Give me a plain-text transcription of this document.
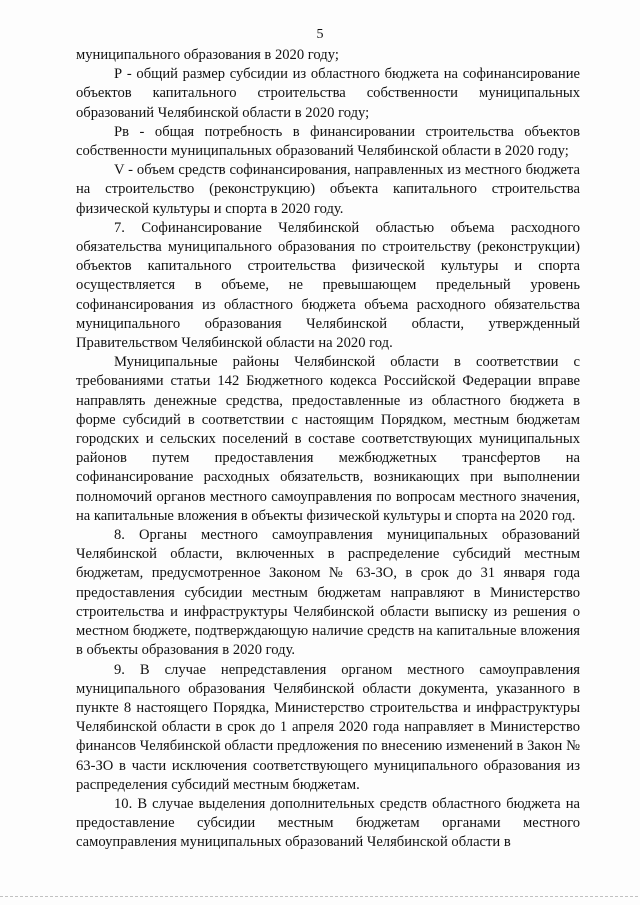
5

муниципального образования в 2020 году;

Р - общий размер субсидии из областного бюджета на софинансирование объектов капитального строительства собственности муниципальных образований Челябинской области в 2020 году;

Рв - общая потребность в финансировании строительства объектов собственности муниципальных образований Челябинской области в 2020 году;

V - объем средств софинансирования, направленных из местного бюджета на строительство (реконструкцию) объекта капитального строительства физической культуры и спорта в 2020 году.

7. Софинансирование Челябинской областью объема расходного обязательства муниципального образования по строительству (реконструкции) объектов капитального строительства физической культуры и спорта осуществляется в объеме, не превышающем предельный уровень софинансирования из областного бюджета объема расходного обязательства муниципального образования Челябинской области, утвержденный Правительством Челябинской области на 2020 год.

Муниципальные районы Челябинской области в соответствии с требованиями статьи 142 Бюджетного кодекса Российской Федерации вправе направлять денежные средства, предоставленные из областного бюджета в форме субсидий в соответствии с настоящим Порядком, местным бюджетам городских и сельских поселений в составе соответствующих муниципальных районов путем предоставления межбюджетных трансфертов на софинансирование расходных обязательств, возникающих при выполнении полномочий органов местного самоуправления по вопросам местного значения, на капитальные вложения в объекты физической культуры и спорта на 2020 год.

8. Органы местного самоуправления муниципальных образований Челябинской области, включенных в распределение субсидий местным бюджетам, предусмотренное Законом № 63-ЗО, в срок до 31 января года предоставления субсидии местным бюджетам направляют в Министерство строительства и инфраструктуры Челябинской области выписку из решения о местном бюджете, подтверждающую наличие средств на капитальные вложения в объекты образования в 2020 году.

9. В случае непредставления органом местного самоуправления муниципального образования Челябинской области документа, указанного в пункте 8 настоящего Порядка, Министерство строительства и инфраструктуры Челябинской области в срок до 1 апреля 2020 года направляет в Министерство финансов Челябинской области предложения по внесению изменений в Закон № 63-ЗО в части исключения соответствующего муниципального образования из распределения субсидий местным бюджетам.

10. В случае выделения дополнительных средств областного бюджета на предоставление субсидии местным бюджетам органами местного самоуправления муниципальных образований Челябинской области в
